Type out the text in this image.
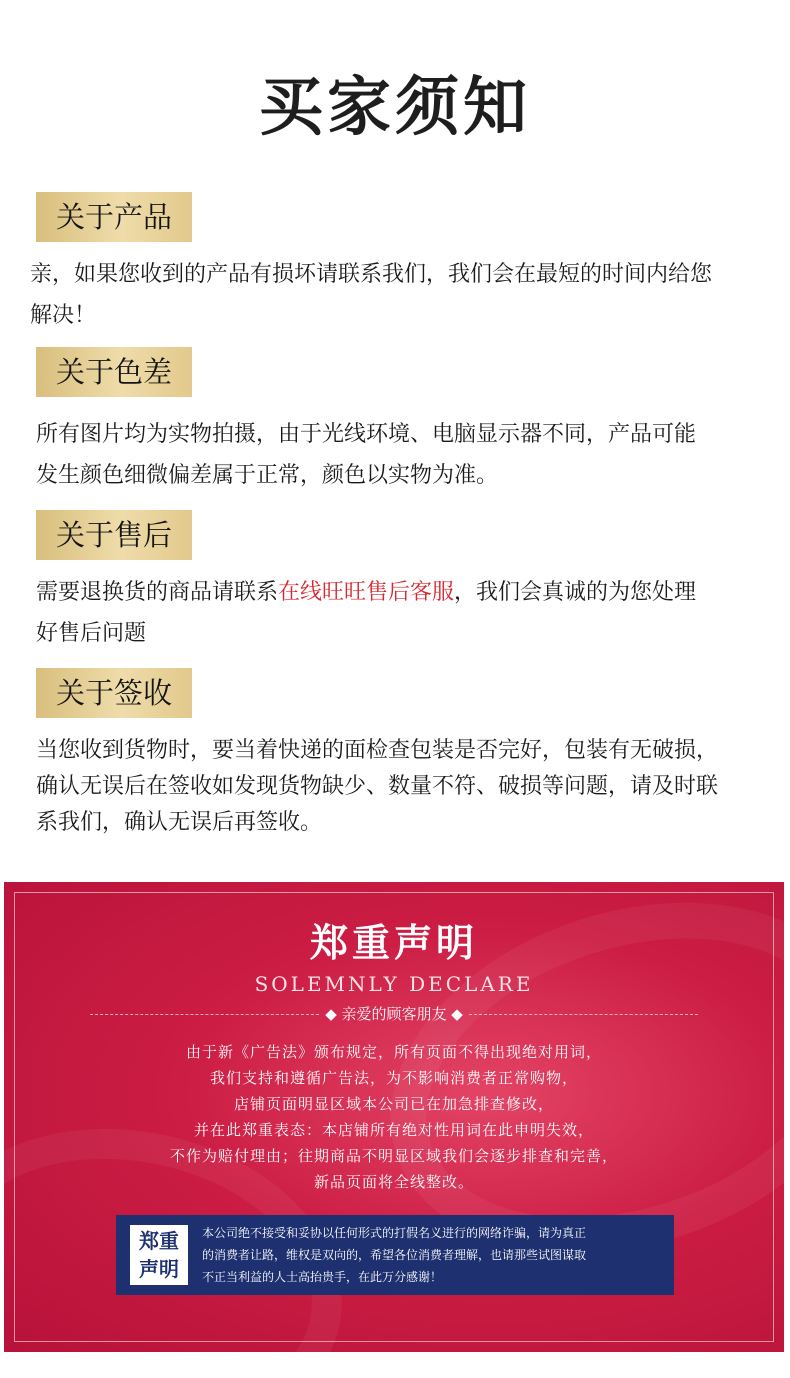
买家须知
关于产品

亲，如果您收到的产品有损坏请联系我们，我们会在最短的时间内给您

解决！

关于色差

所有图片均为实物拍摄，由于光线环境、电脑显示器不同，产品可能

发生颜色细微偏差属于正常，颜色以实物为准。

关于售后

需要退换货的商品请联系在线旺旺售后客服，我们会真诚的为您处理

好售后问题

关于签收

当您收到货物时，要当着快递的面检查包装是否完好，包装有无破损，

确认无误后在签收如发现货物缺少、数量不符、破损等问题，请及时联

系我们，确认无误后再签收。

郑重声明
SOLEMNLY DECLARE
◆ 亲爱的顾客朋友 ◆
由于新《广告法》颁布规定，所有页面不得出现绝对用词，
我们支持和遵循广告法，为不影响消费者正常购物，
店铺页面明显区域本公司已在加急排查修改，
并在此郑重表态：本店铺所有绝对性用词在此申明失效，
不作为赔付理由；往期商品不明显区域我们会逐步排查和完善，
新品页面将全线整改。
郑重
声明
本公司绝不接受和妥协以任何形式的打假名义进行的网络诈骗，请为真正
的消费者让路，维权是双向的，希望各位消费者理解，也请那些试图谋取
不正当利益的人士高抬贵手，在此万分感谢！
